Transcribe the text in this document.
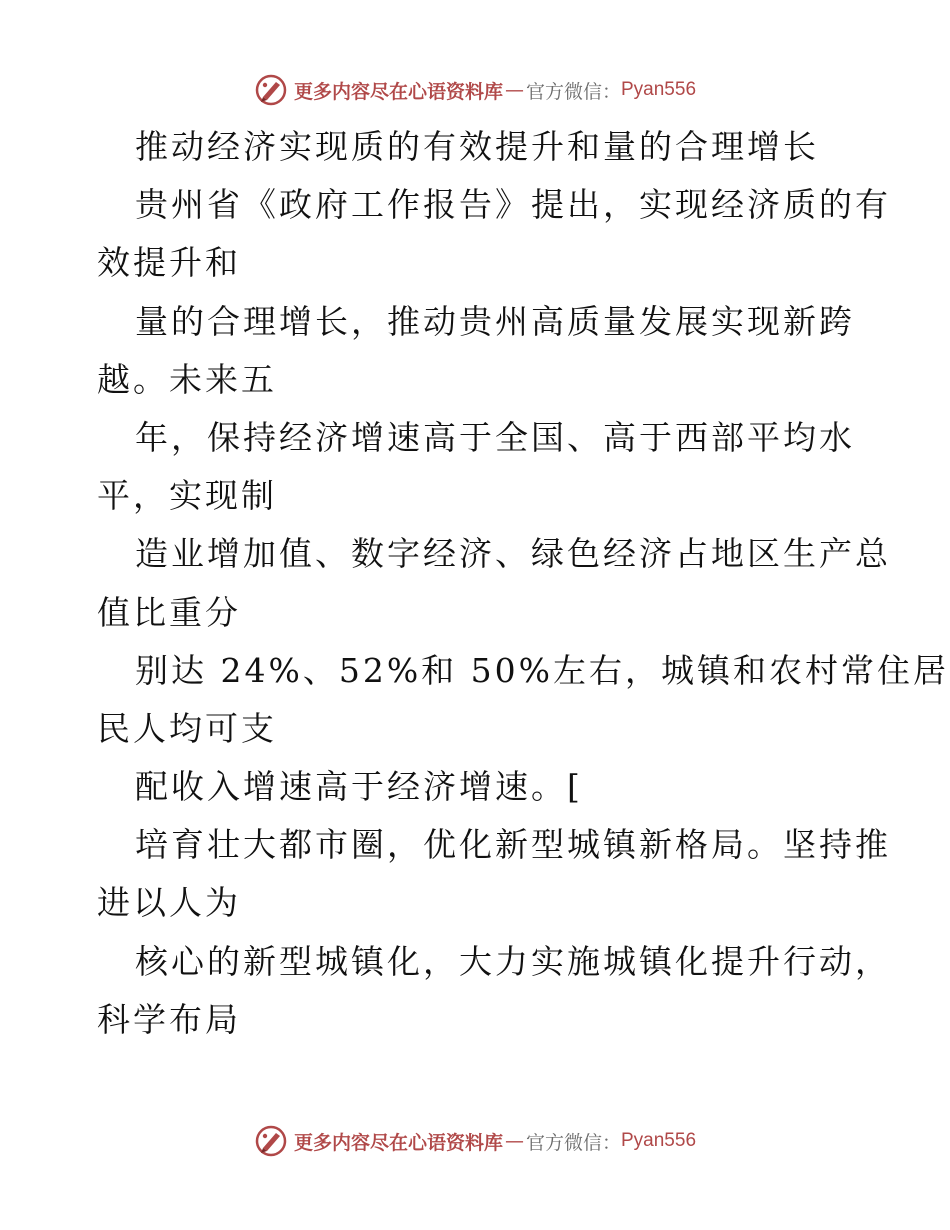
更多内容尽在心语资料库 — 官方微信： Pyan556
推动经济实现质的有效提升和量的合理增长
贵州省《政府工作报告》提出，实现经济质的有
效提升和
量的合理增长，推动贵州高质量发展实现新跨
越。未来五
年，保持经济增速高于全国、高于西部平均水
平，实现制
造业增加值、数字经济、绿色经济占地区生产总
值比重分
别达 24%、52%和 50%左右，城镇和农村常住居
民人均可支
配收入增速高于经济增速。[
培育壮大都市圈，优化新型城镇新格局。坚持推
进以人为
核心的新型城镇化，大力实施城镇化提升行动，
科学布局
更多内容尽在心语资料库 — 官方微信： Pyan556
